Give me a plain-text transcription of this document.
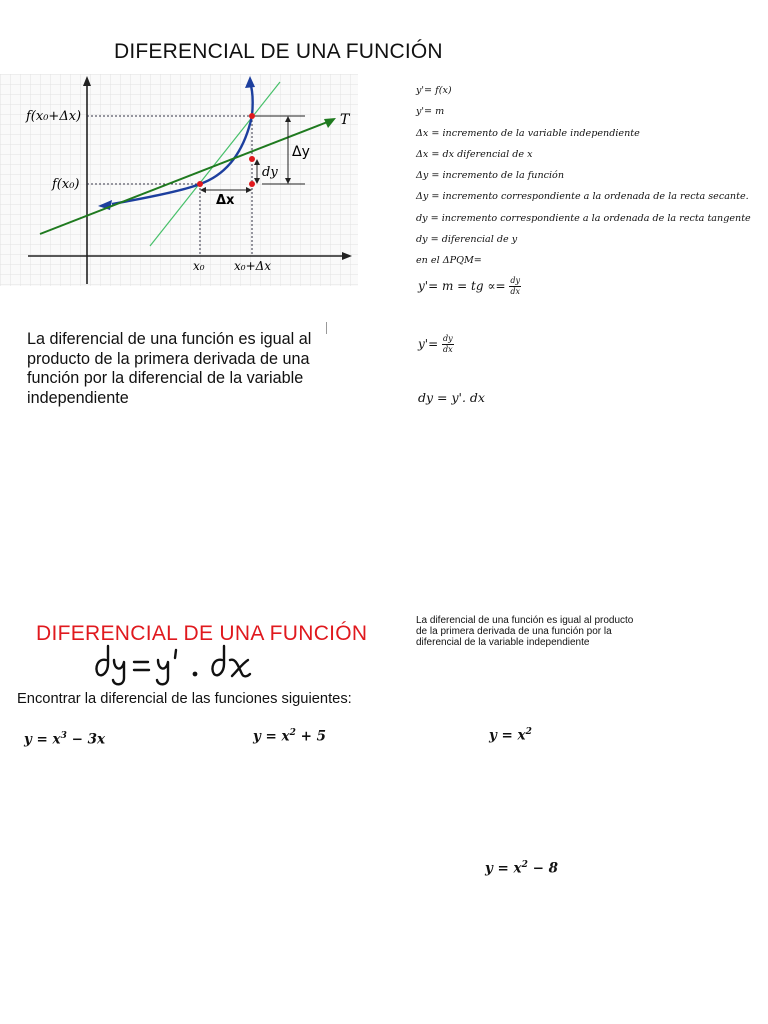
DIFERENCIAL DE UNA FUNCIÓN
f(x₀+Δx)
f(x₀)
T
Δy
dy
Δx
x₀ x₀+Δx
y'= f(x)
y'= m
Δx = incremento de la variable independiente
Δx = dx diferencial de x
Δy = incremento de la función
Δy = incremento correspondiente a la ordenada de la recta secante.
dy = incremento correspondiente a la ordenada de la recta tangente
dy = diferencial de y
en el ΔPQM=
y'= m = tg ∝= $\frac{dy}{dx}$
$y'= \frac{dy}{dx}$
dy = y'. dx
La diferencial de una función es igual al producto de la primera derivada de una función por la diferencial de la variable independiente
DIFERENCIAL DE UNA FUNCIÓN
La diferencial de una función es igual al producto de la primera derivada de una función por la diferencial de la variable independiente
Encontrar la diferencial de las funciones siguientes:
$y = x^3 - 3x$	$y = x^2 + 5$	$y = x^2$
$y = x^2 - 8$
